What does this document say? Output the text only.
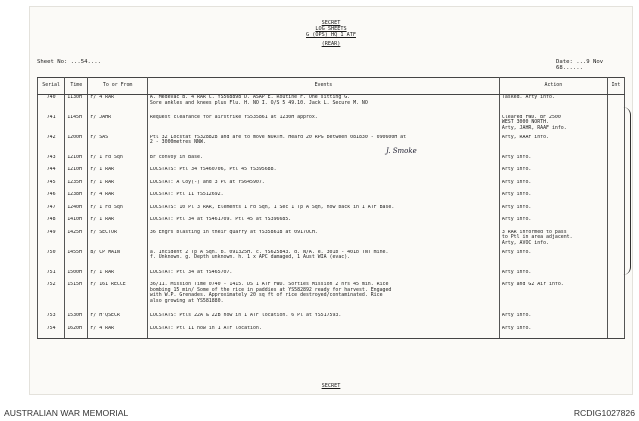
SECRET
LOG SHEETS
G (OPS) HQ 1 ATF
(REAR)
Sheet No: ...54....	Date: ...9 Nov 68......
Serial	Time	To or From	Events	Action	Int
740	1130H	F/ 4 RAR	A. Medevac B. 4 RAR C. YS568898 D. ASAP E. Routine F. One sitting G.
Sore ankles and knees plus Flu. H. NO I. O/S 5 49.10. Jack L. Secure M. NO	Tasked. Arty info.	

741	1145H	F/ JAHR	Request clearance for airstrike YS535861 at 1230H approx.	Cleared FWD. BF 2500
WEST 3000 NORTH.
Arty, JAHR, RAAF info.	

742	1200H	F/ SAS	Ptl 32 Locstat YS328828 and are to move NORTH. Heard 20 RPG between 081830 - 090600H at
2 - 3000metres NNW.	Arty, RAAF info.	

743	1210H	F/ 1 Fd Sqn	Br convoy in Base.	Arty info.	

744	1210H	F/ 1 RAR	LOCSTATS: Ptl 34 YS460706, Ptl 45 YS395688.	Arty info.	

745	1235H	F/ 1 RAR	LOCSTAT: A Coy(-) and 3 Pl at YS645907.	Arty info.	

746	1238H	F/ 4 RAR	LOCSTAT: Ptl 11 YS512692.	Arty info.	

747	1240H	F/ 1 Fd Sqn	LOCSTATS: 10 Pl 3 RAR, Elements 1 Fd Sqn, 1 Sec 1 Tp A Sqn, now back in 1 ATF Base.	Arty info.	

748	1410H	F/ 1 RAR	LOCSTAT: Ptl 34 at YS461709. Ptl 45 at YS396685.	Arty info.	

749	1425H	F/ SECTOR	36 Engrs blasting in their quarry at YS358618 at 0917OCH.	3 RAR informed to pass
to Ptl in area adjacent.
Arty, AVOC info.	

750	1455H	B/ CP MAIN	a. Incident 2 Tp A Sqn. b. 091325H. c. YS625843. d. N/A. e. 301b - 401b TNT mine.
f. Unknown. g. Depth unknown. h. 1 x APC damaged, 1 Aust WIA (evac).	Arty info.	

751	1500H	F/ 1 RAR	LOCSTAT: Ptl 34 at YS465707.	Arty info.	

752	1515H	F/ 161 RECCE	36/11. Mission Time 0740 - 1415. DS 1 ATF FWD. Sorties Mission 2 hrs 45 min. Rice
bombing 15 min/ Some of the rice in paddies at YS582892 ready for harvest. Engaged
with W.P. Grenades. Approximately 20 sq ft of rice destroyed/contaminated. Rice
also growing at YS581880.	Arty and G2 Air info.	

753	1530H	F/ H'QSECR	LOCSTATS: Ptls 22A & 22B now in 1 ATF location. 6 Pl at YS517593.	Arty info.	

754	1620H	F/ 4 RAR	LOCSTAT: Ptl 11 now in 1 ATF location.	Arty info.	

J. Smoke
SECRET
AUSTRALIAN WAR MEMORIAL	RCDIG1027826
